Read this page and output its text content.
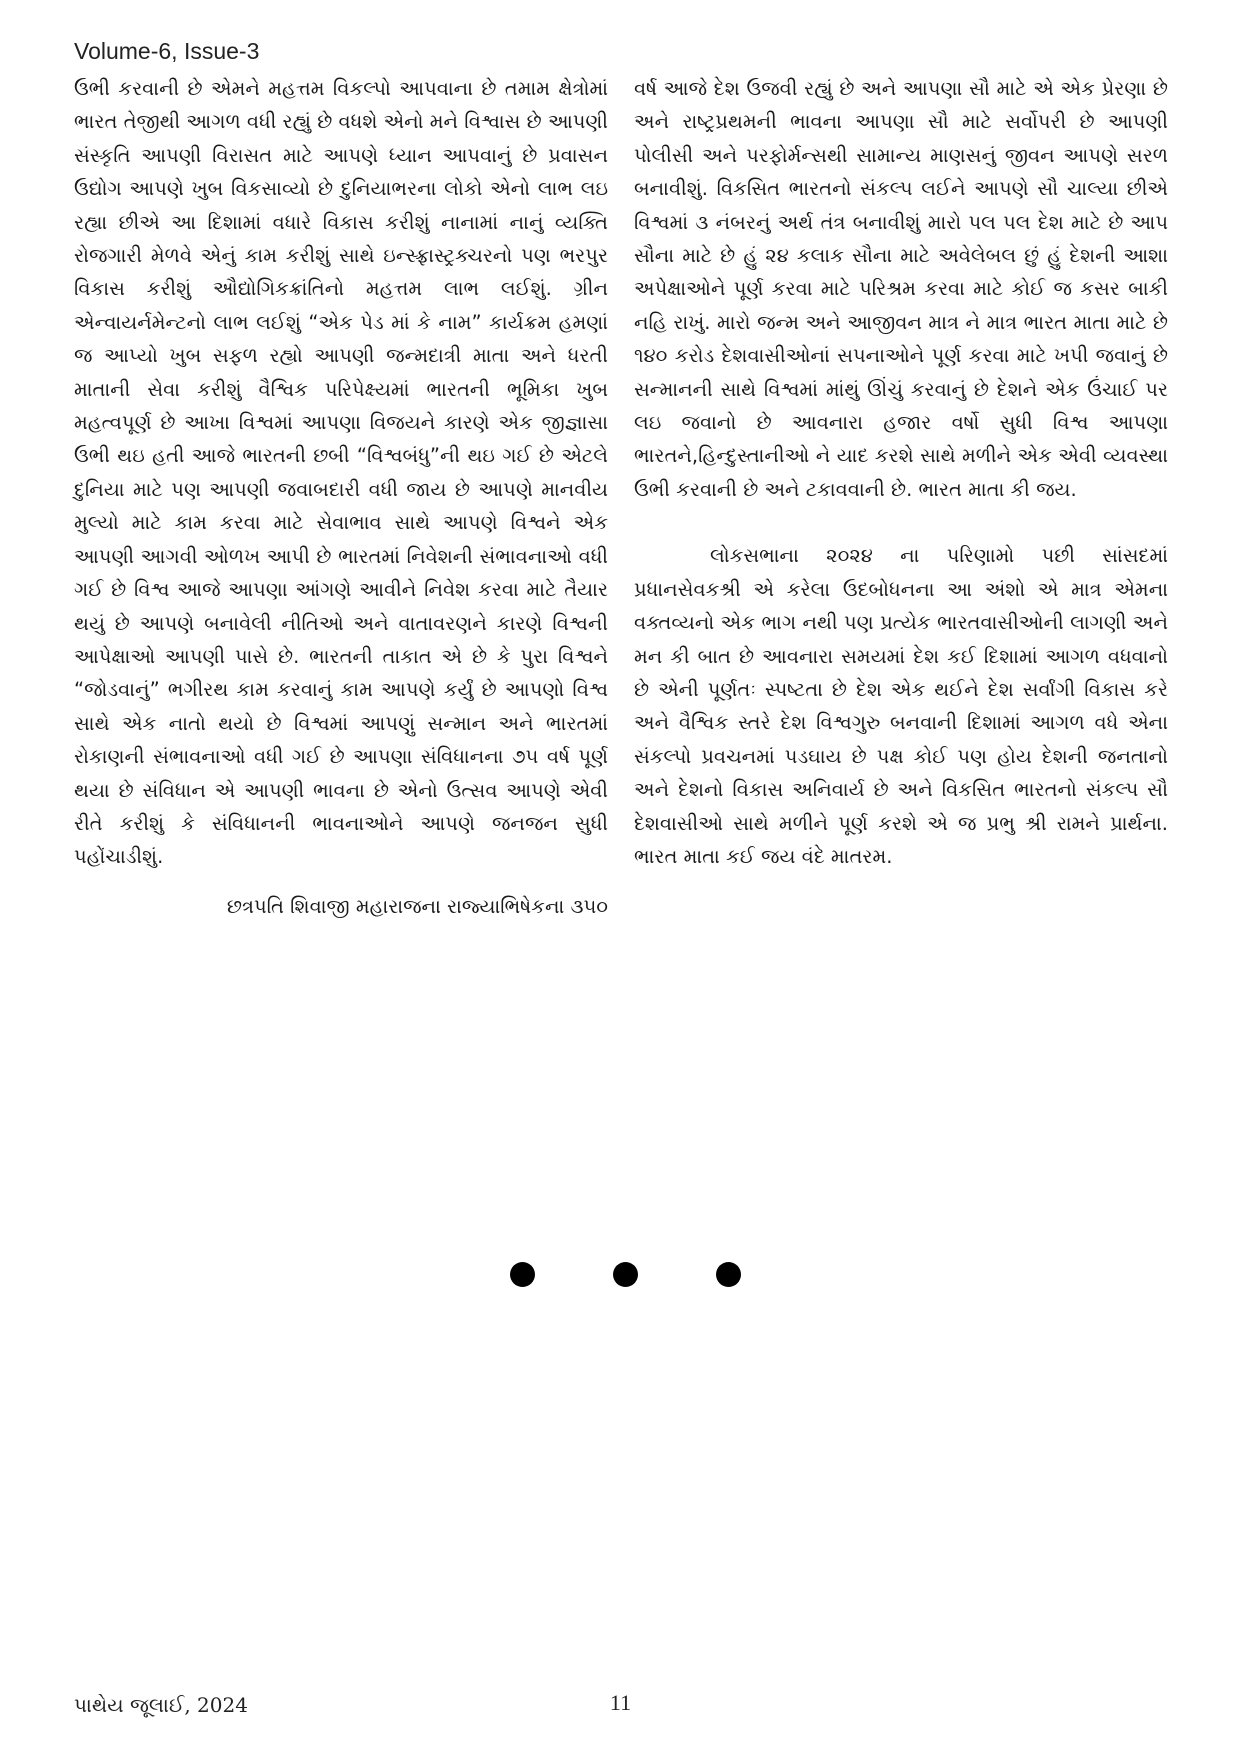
Volume-6, Issue-3

ઉભી કરવાની છે એમને મહત્તમ વિકલ્પો આપવાના છે તમામ ક્ષેત્રોમાં ભારત તેજીથી આગળ વધી રહ્યું છે વધશે એનો મને વિશ્વાસ છે આપણી સંસ્કૃતિ આપણી વિરાસત માટે આપણે ધ્યાન આપવાનું છે પ્રવાસન ઉદ્યોગ આપણે ખુબ વિકસાવ્યો છે દુનિયાભરના લોકો એનો લાભ લઇ રહ્યા છીએ આ દિશામાં વધારે વિકાસ કરીશું નાનામાં નાનું વ્યક્તિ રોજગારી મેળવે એનું કામ કરીશું સાથે ઇન્સ્ફ્રાસ્ટ્રક્ચરનો પણ ભરપુર વિકાસ કરીશું ઔદ્યોગિકક્રાંતિનો મહત્તમ લાભ લઈશું. ગ્રીન એન્વાયર્નમેન્ટનો લાભ લઈશું “એક પેડ માં કે નામ” કાર્યક્રમ હમણાં જ આપ્યો ખુબ સફળ રહ્યો આપણી જન્મદાત્રી માતા અને ધરતી માતાની સેવા કરીશું વૈશ્વિક પરિપેક્ષ્યમાં ભારતની ભૂમિકા ખુબ મહત્વપૂર્ણ છે આખા વિશ્વમાં આપણા વિજયને કારણે એક જીજ્ઞાસા ઉભી થઇ હતી આજે ભારતની છબી “વિશ્વબંધુ”ની થઇ ગઈ છે એટલે દુનિયા માટે પણ આપણી જવાબદારી વધી જાય છે આપણે માનવીય મુલ્યો માટે કામ કરવા માટે સેવાભાવ સાથે આપણે વિશ્વને એક આપણી આગવી ઓળખ આપી છે ભારતમાં નિવેશની સંભાવનાઓ વધી ગઈ છે વિશ્વ આજે આપણા આંગણે આવીને નિવેશ કરવા માટે તૈયાર થયું છે આપણે બનાવેલી નીતિઓ અને વાતાવરણને કારણે વિશ્વની આપેક્ષાઓ આપણી પાસે છે. ભારતની તાકાત એ છે કે પુરા વિશ્વને “જોડવાનું” ભગીરથ કામ કરવાનું કામ આપણે કર્યું છે આપણો વિશ્વ સાથે એક નાતો થયો છે વિશ્વમાં આપણું સન્માન અને ભારતમાં રોકાણની સંભાવનાઓ વધી ગઈ છે આપણા સંવિધાનના ૭૫ વર્ષ પૂર્ણ થયા છે સંવિધાન એ આપણી ભાવના છે એનો ઉત્સવ આપણે એવી રીતે કરીશું કે સંવિધાનની ભાવનાઓને આપણે જનજન સુધી પહોંચાડીશું.

છત્રપતિ શિવાજી મહારાજના રાજ્યાભિષેકના ૩૫૦

વર્ષ આજે દેશ ઉજવી રહ્યું છે અને આપણા સૌ માટે એ એક પ્રેરણા છે અને રાષ્ટ્રપ્રથમની ભાવના આપણા સૌ માટે સર્વોપરી છે આપણી પોલીસી અને પરફોર્મન્સથી સામાન્ય માણસનું જીવન આપણે સરળ બનાવીશું. વિકસિત ભારતનો સંકલ્પ લઈને આપણે સૌ ચાલ્યા છીએ વિશ્વમાં ૩ નંબરનું અર્થ તંત્ર બનાવીશું મારો પલ પલ દેશ માટે છે આપ સૌના માટે છે હું ૨૪ કલાક સૌના માટે અવેલેબલ છું હું દેશની આશા અપેક્ષાઓને પૂર્ણ કરવા માટે પરિશ્રમ કરવા માટે કોઈ જ કસર બાકી નહિ રાખું. મારો જન્મ અને આજીવન માત્ર ને માત્ર ભારત માતા માટે છે ૧૪૦ કરોડ દેશવાસીઓનાં સપનાઓને પૂર્ણ કરવા માટે ખપી જવાનું છે સન્માનની સાથે વિશ્વમાં માંથું ઊંચું કરવાનું છે દેશને એક ઉંચાઈ પર લઇ જવાનો છે આવનારા હજાર વર્ષો સુધી વિશ્વ આપણા ભારતને,હિન્દુસ્તાનીઓ ને યાદ કરશે સાથે મળીને એક એવી વ્યવસ્થા ઉભી કરવાની છે અને ટકાવવાની છે. ભારત માતા કી જય.

લોકસભાના ૨૦૨૪ ના પરિણામો પછી સાંસદમાં પ્રધાનસેવકશ્રી એ કરેલા ઉદબોધનના આ અંશો એ માત્ર એમના વક્તવ્યનો એક ભાગ નથી પણ પ્રત્યેક ભારતવાસીઓની લાગણી અને મન કી બાત છે આવનારા સમયમાં દેશ કઈ દિશામાં આગળ વધવાનો છે એની પૂર્ણતઃ સ્પષ્ટતા છે દેશ એક થઈને દેશ સર્વાંગી વિકાસ કરે અને વૈશ્વિક સ્તરે દેશ વિશ્વગુરુ બનવાની દિશામાં આગળ વધે એના સંકલ્પો પ્રવચનમાં પડઘાય છે પક્ષ કોઈ પણ હોય દેશની જનતાનો અને દેશનો વિકાસ અનિવાર્ય છે અને વિકસિત ભારતનો સંકલ્પ સૌ દેશવાસીઓ સાથે મળીને પૂર્ણ કરશે એ જ પ્રભુ શ્રી રામને પ્રાર્થના. ભારત માતા કઈ જય વંદે માતરમ.

પાથેય જૂલાઈ, 2024	11
